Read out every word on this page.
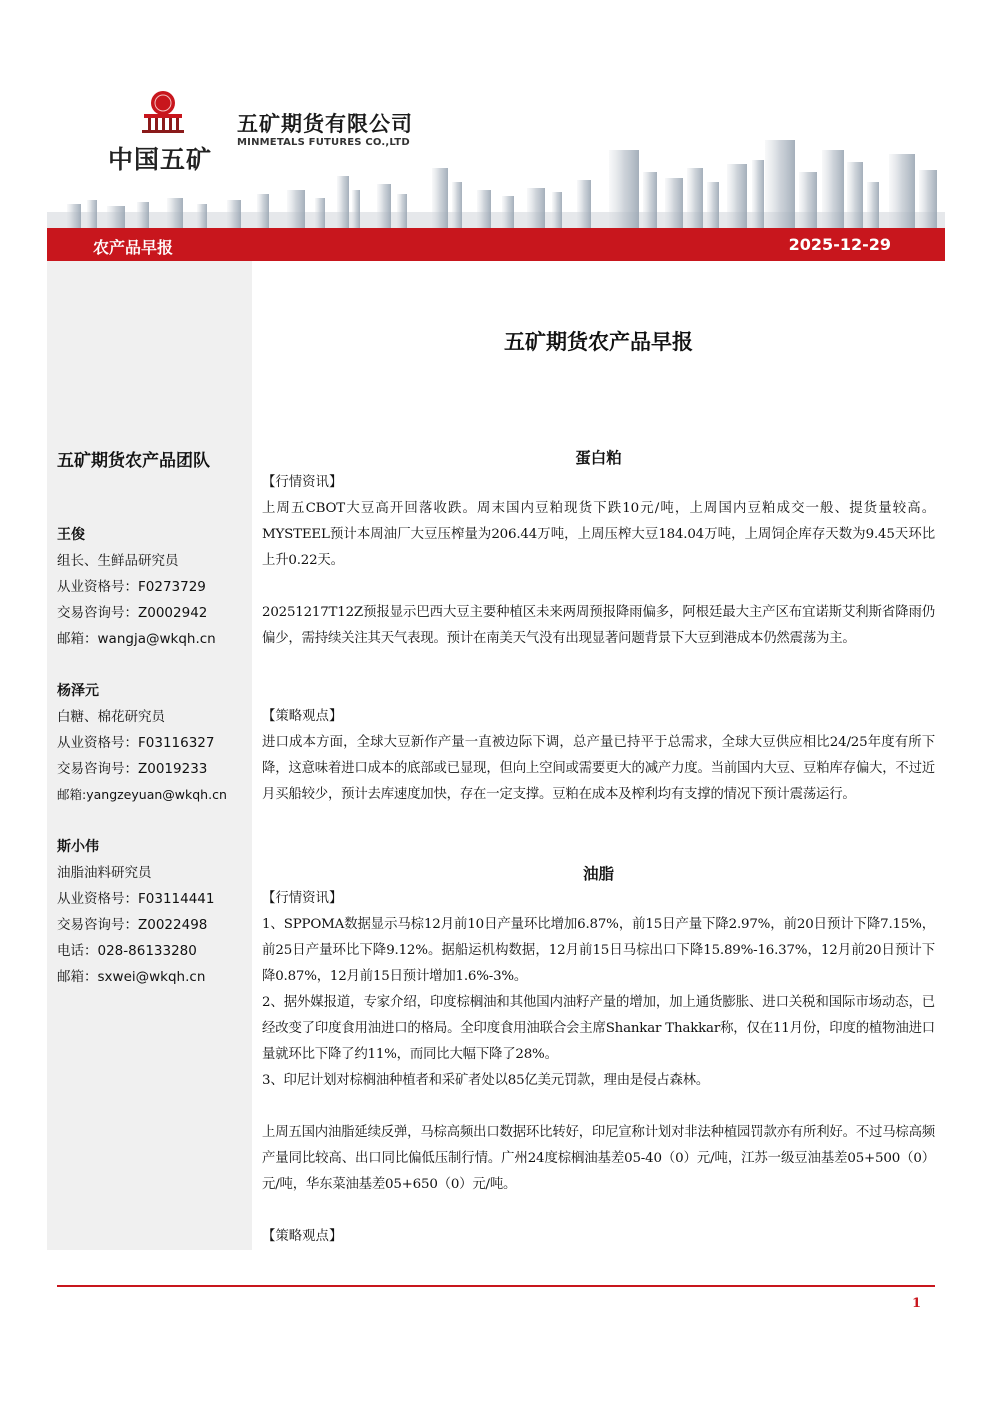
中国五矿
五矿期货有限公司
MINMETALS FUTURES CO.,LTD
农产品早报	2025-12-29
五矿期货农产品团队
王俊
组长、生鲜品研究员
从业资格号：F0273729
交易咨询号：Z0002942
邮箱：wangja@wkqh.cn
杨泽元
白糖、棉花研究员
从业资格号：F03116327
交易咨询号：Z0019233
邮箱:yangzeyuan@wkqh.cn
斯小伟
油脂油料研究员
从业资格号：F03114441
交易咨询号：Z0022498
电话：028-86133280
邮箱：sxwei@wkqh.cn
五矿期货农产品早报
蛋白粕
【行情资讯】
上周五CBOT大豆高开回落收跌。周末国内豆粕现货下跌10元/吨，上周国内豆粕成交一般、提货量较高。MYSTEEL预计本周油厂大豆压榨量为206.44万吨，上周压榨大豆184.04万吨，上周饲企库存天数为9.45天环比上升0.22天。
20251217T12Z预报显示巴西大豆主要种植区未来两周预报降雨偏多，阿根廷最大主产区布宜诺斯艾利斯省降雨仍偏少，需持续关注其天气表现。预计在南美天气没有出现显著问题背景下大豆到港成本仍然震荡为主。
【策略观点】
进口成本方面，全球大豆新作产量一直被边际下调，总产量已持平于总需求，全球大豆供应相比24/25年度有所下降，这意味着进口成本的底部或已显现，但向上空间或需要更大的减产力度。当前国内大豆、豆粕库存偏大，不过近月买船较少，预计去库速度加快，存在一定支撑。豆粕在成本及榨利均有支撑的情况下预计震荡运行。
油脂
【行情资讯】
1、SPPOMA数据显示马棕12月前10日产量环比增加6.87%，前15日产量下降2.97%，前20日预计下降7.15%，前25日产量环比下降9.12%。据船运机构数据，12月前15日马棕出口下降15.89%-16.37%，12月前20日预计下降0.87%，12月前15日预计增加1.6%-3%。
2、据外媒报道，专家介绍，印度棕榈油和其他国内油籽产量的增加，加上通货膨胀、进口关税和国际市场动态，已经改变了印度食用油进口的格局。全印度食用油联合会主席Shankar Thakkar称，仅在11月份，印度的植物油进口量就环比下降了约11%，而同比大幅下降了28%。
3、印尼计划对棕榈油种植者和采矿者处以85亿美元罚款，理由是侵占森林。
上周五国内油脂延续反弹，马棕高频出口数据环比转好，印尼宣称计划对非法种植园罚款亦有所利好。不过马棕高频产量同比较高、出口同比偏低压制行情。广州24度棕榈油基差05-40（0）元/吨，江苏一级豆油基差05+500（0）元/吨，华东菜油基差05+650（0）元/吨。
【策略观点】
1
